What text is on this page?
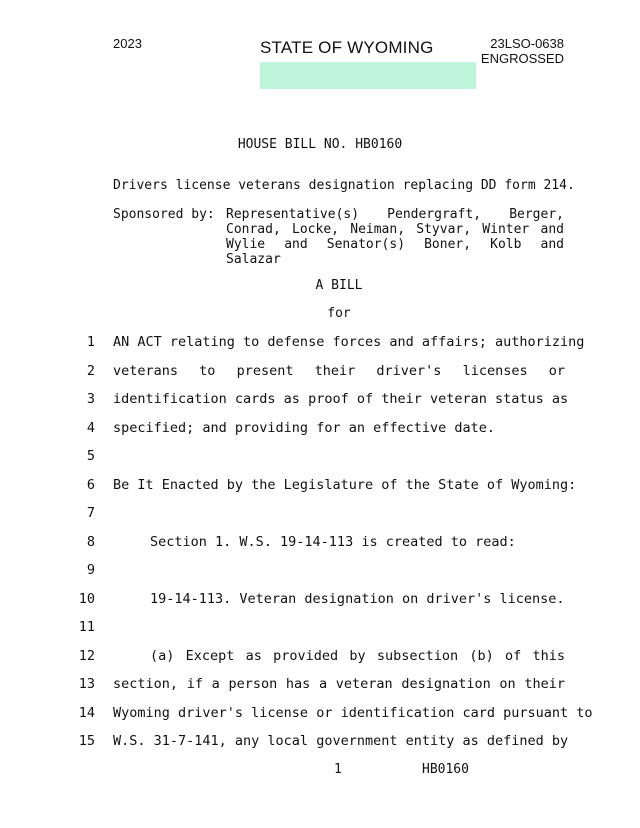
2023	STATE OF WYOMING	23LSO-0638
ENGROSSED
HOUSE BILL NO. HB0160
Drivers license veterans designation replacing DD form 214.
Sponsored by: Representative(s) Pendergraft, Berger, Conrad, Locke, Neiman, Styvar, Winter and Wylie and Senator(s) Boner, Kolb and Salazar
A BILL
for
1 AN ACT relating to defense forces and affairs; authorizing
2 veterans to present their driver's licenses or
3 identification cards as proof of their veteran status as
4 specified; and providing for an effective date.
5
6 Be It Enacted by the Legislature of the State of Wyoming:
7
8	Section 1. W.S. 19-14-113 is created to read:
9
10	19-14-113. Veteran designation on driver's license.
11
12	(a) Except as provided by subsection (b) of this
13 section, if a person has a veteran designation on their
14 Wyoming driver's license or identification card pursuant to
15 W.S. 31-7-141, any local government entity as defined by
1	HB0160
